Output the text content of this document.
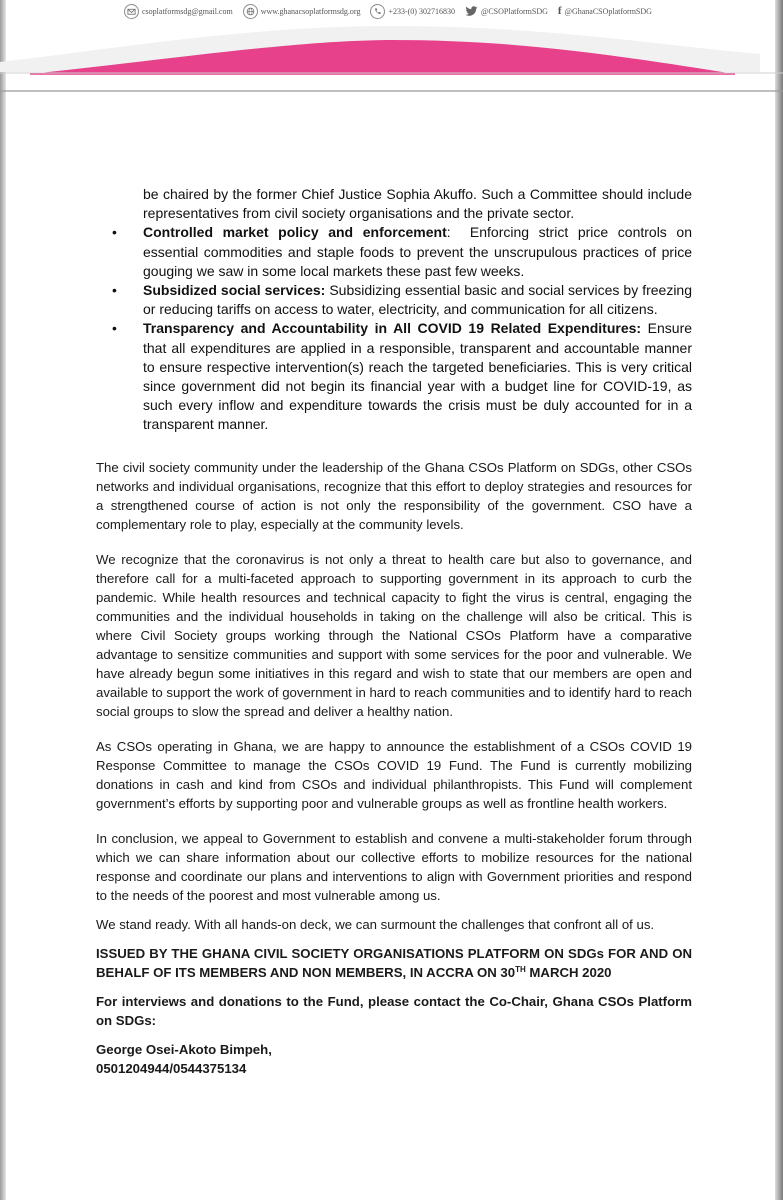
csoplatformsdg@gmail.com	www.ghanacsoplatformsdg.org	+233-(0) 302716830	@CSOPlatformSDG f @GhanaCSOplatformSDG
be chaired by the former Chief Justice Sophia Akuffo. Such a Committee should include representatives from civil society organisations and the private sector.
• Controlled market policy and enforcement:  Enforcing strict price controls on essential commodities and staple foods to prevent the unscrupulous practices of price gouging we saw in some local markets these past few weeks.
• Subsidized social services: Subsidizing essential basic and social services by freezing or reducing tariffs on access to water, electricity, and communication for all citizens.
• Transparency and Accountability in All COVID 19 Related Expenditures: Ensure that all expenditures are applied in a responsible, transparent and accountable manner to ensure respective intervention(s) reach the targeted beneficiaries. This is very critical since government did not begin its financial year with a budget line for COVID-19, as such every inflow and expenditure towards the crisis must be duly accounted for in a transparent manner.

The civil society community under the leadership of the Ghana CSOs Platform on SDGs, other CSOs networks and individual organisations, recognize that this effort to deploy strategies and resources for a strengthened course of action is not only the responsibility of the government. CSO have a complementary role to play, especially at the community levels.

We recognize that the coronavirus is not only a threat to health care but also to governance, and therefore call for a multi-faceted approach to supporting government in its approach to curb the pandemic. While health resources and technical capacity to fight the virus is central, engaging the communities and the individual households in taking on the challenge will also be critical. This is where Civil Society groups working through the National CSOs Platform have a comparative advantage to sensitize communities and support with some services for the poor and vulnerable. We have already begun some initiatives in this regard and wish to state that our members are open and available to support the work of government in hard to reach communities and to identify hard to reach social groups to slow the spread and deliver a healthy nation.

As CSOs operating in Ghana, we are happy to announce the establishment of a CSOs COVID 19 Response Committee to manage the CSOs COVID 19 Fund. The Fund is currently mobilizing donations in cash and kind from CSOs and individual philanthropists. This Fund will complement government’s efforts by supporting poor and vulnerable groups as well as frontline health workers.

In conclusion, we appeal to Government to establish and convene a multi-stakeholder forum through which we can share information about our collective efforts to mobilize resources for the national response and coordinate our plans and interventions to align with Government priorities and respond to the needs of the poorest and most vulnerable among us.

We stand ready. With all hands-on deck, we can surmount the challenges that confront all of us.

ISSUED BY THE GHANA CIVIL SOCIETY ORGANISATIONS PLATFORM ON SDGs FOR AND ON BEHALF OF ITS MEMBERS AND NON MEMBERS, IN ACCRA ON 30TH MARCH 2020

For interviews and donations to the Fund, please contact the Co-Chair, Ghana CSOs Platform on SDGs:

George Osei-Akoto Bimpeh,
0501204944/0544375134
